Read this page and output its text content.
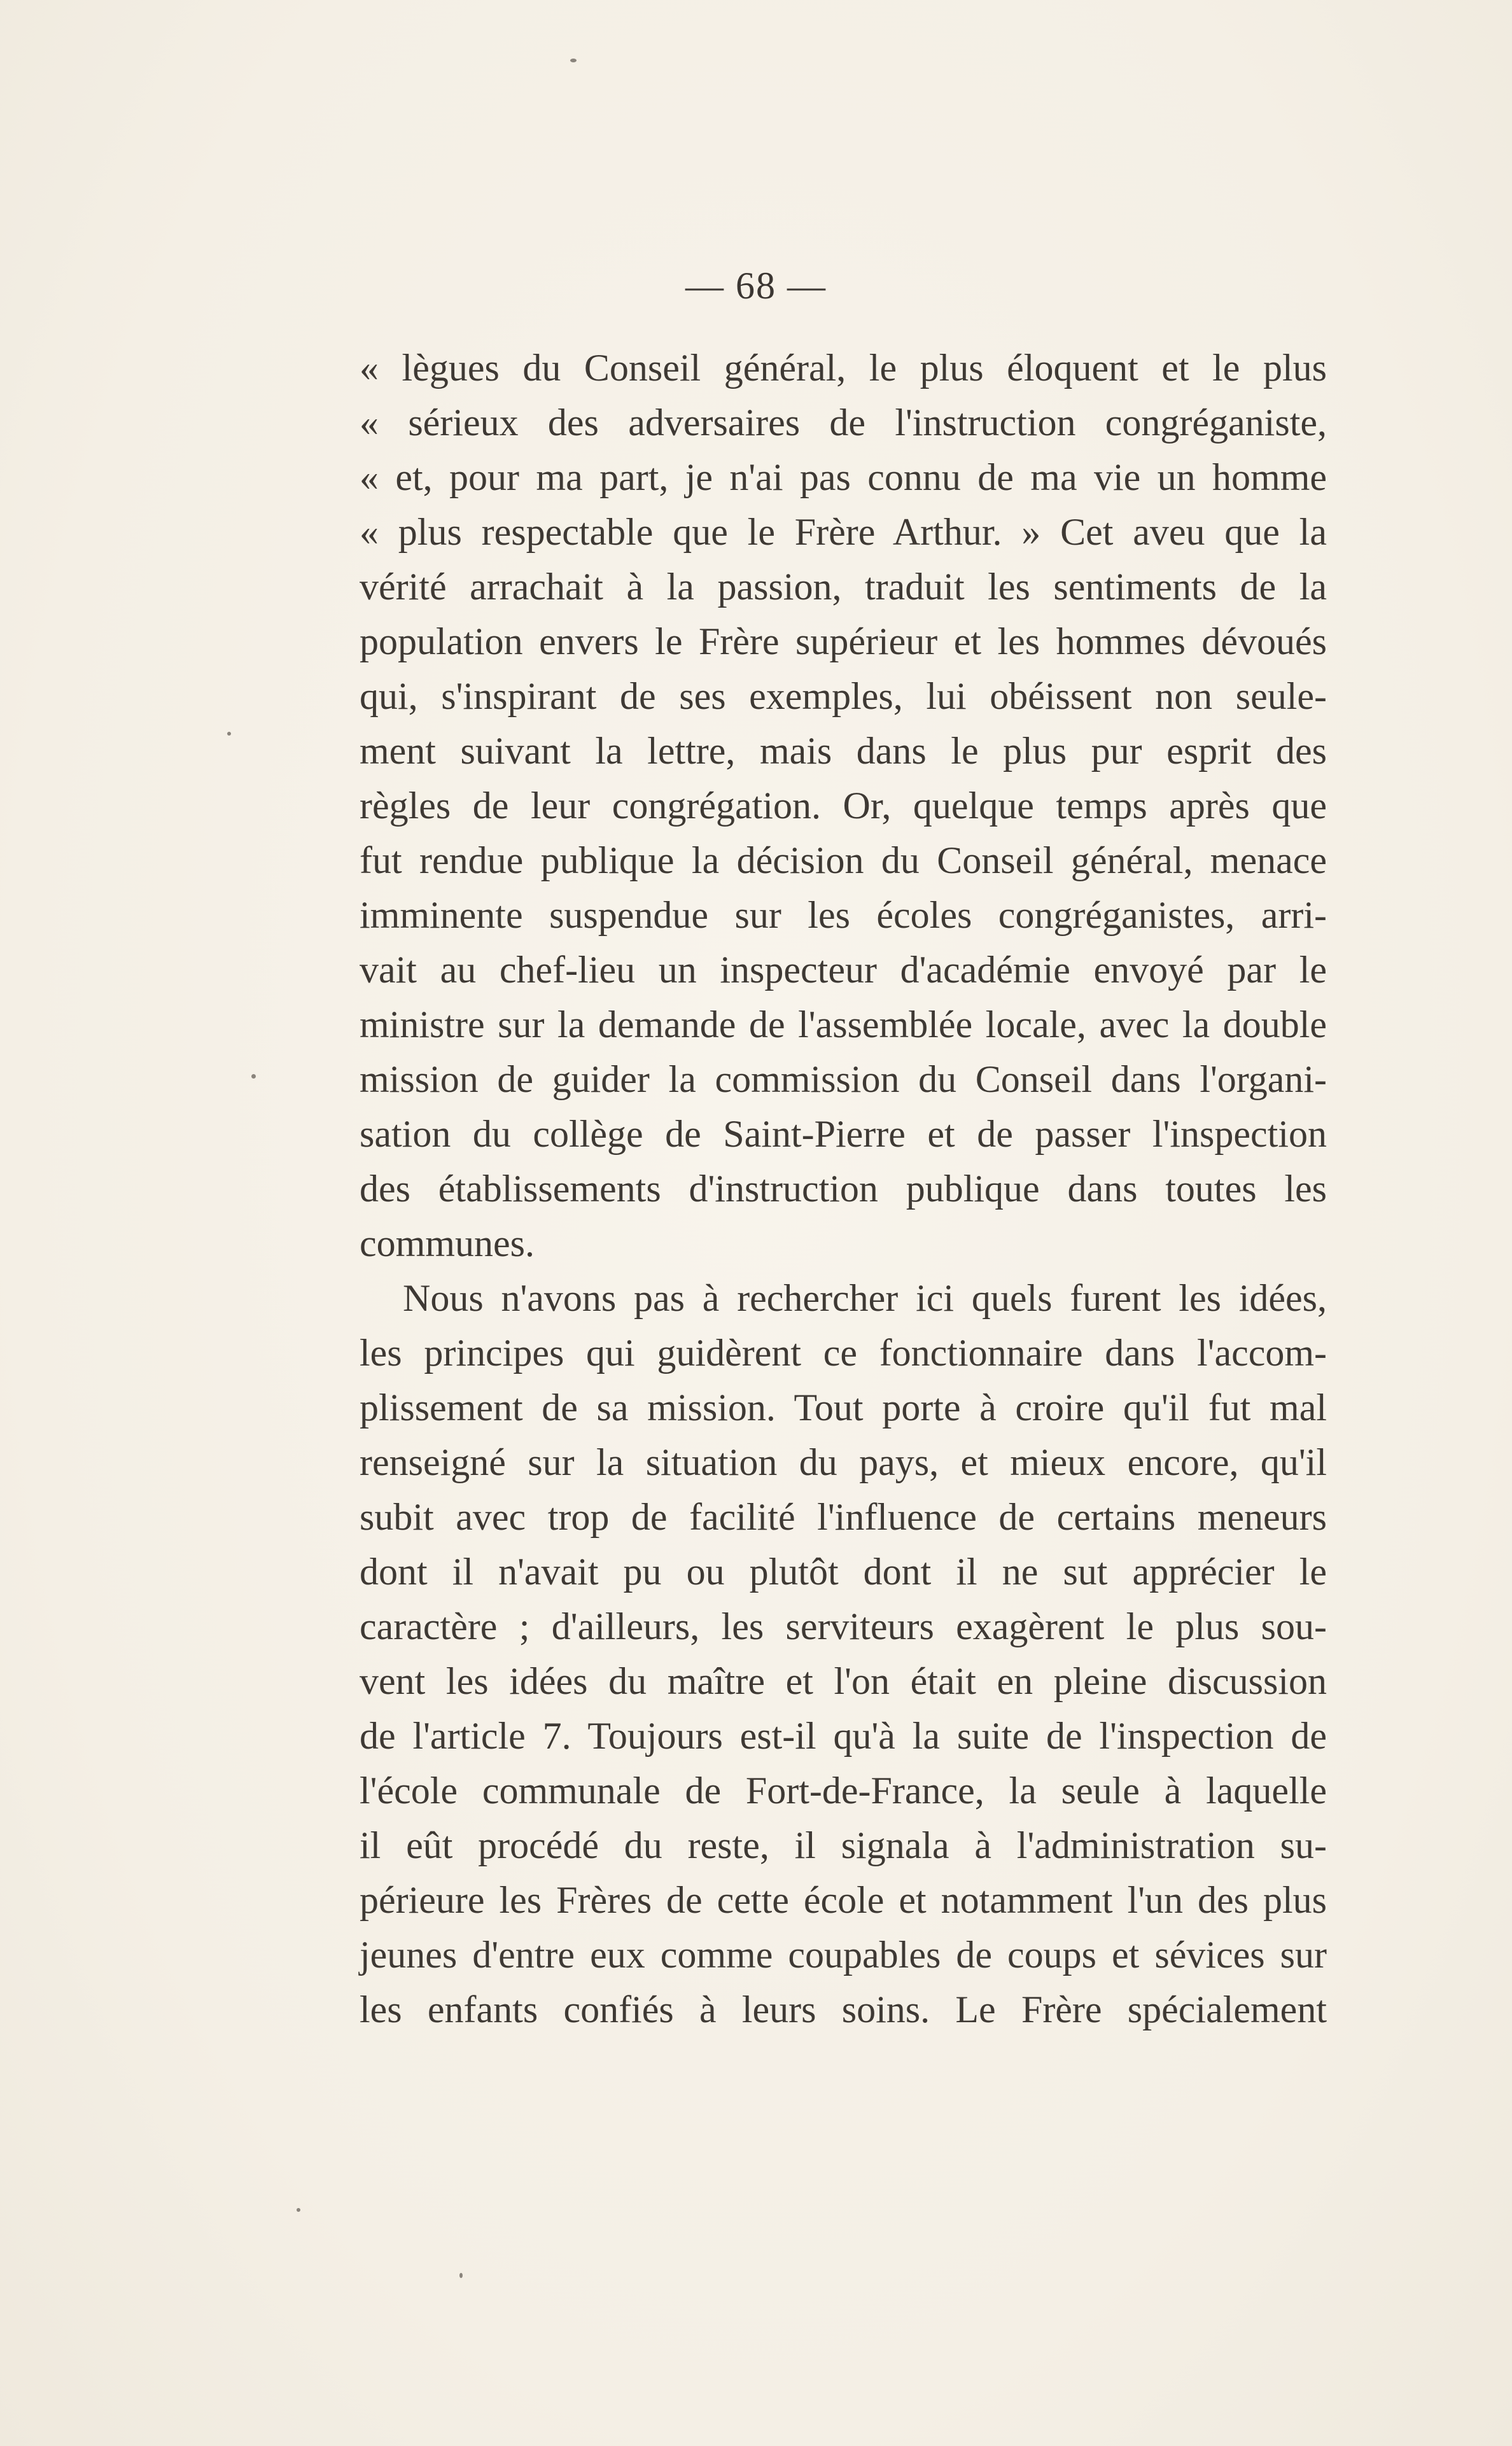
— 68 —
« lègues du Conseil général, le plus éloquent et le plus
« sérieux des adversaires de l'instruction congréganiste,
« et, pour ma part, je n'ai pas connu de ma vie un homme
« plus respectable que le Frère Arthur. » Cet aveu que la
vérité arrachait à la passion, traduit les sentiments de la
population envers le Frère supérieur et les hommes dévoués
qui, s'inspirant de ses exemples, lui obéissent non seule-
ment suivant la lettre, mais dans le plus pur esprit des
règles de leur congrégation. Or, quelque temps après que
fut rendue publique la décision du Conseil général, menace
imminente suspendue sur les écoles congréganistes, arri-
vait au chef-lieu un inspecteur d'académie envoyé par le
ministre sur la demande de l'assemblée locale, avec la double
mission de guider la commission du Conseil dans l'organi-
sation du collège de Saint-Pierre et de passer l'inspection
des établissements d'instruction publique dans toutes les
communes.
Nous n'avons pas à rechercher ici quels furent les idées,
les principes qui guidèrent ce fonctionnaire dans l'accom-
plissement de sa mission. Tout porte à croire qu'il fut mal
renseigné sur la situation du pays, et mieux encore, qu'il
subit avec trop de facilité l'influence de certains meneurs
dont il n'avait pu ou plutôt dont il ne sut apprécier le
caractère ; d'ailleurs, les serviteurs exagèrent le plus sou-
vent les idées du maître et l'on était en pleine discussion
de l'article 7. Toujours est-il qu'à la suite de l'inspection de
l'école communale de Fort-de-France, la seule à laquelle
il eût procédé du reste, il signala à l'administration su-
périeure les Frères de cette école et notamment l'un des plus
jeunes d'entre eux comme coupables de coups et sévices sur
les enfants confiés à leurs soins. Le Frère spécialement
